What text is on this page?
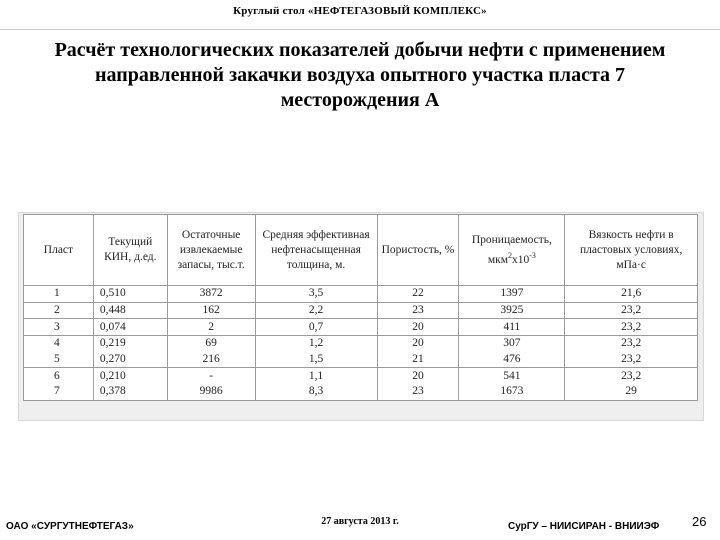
Круглый стол «НЕФТЕГАЗОВЫЙ КОМПЛЕКС»
Расчёт технологических показателей добычи нефти с применением
направленной закачки воздуха опытного участка пласта 7
месторождения А
Пласт	Текущий КИН, д.ед.	Остаточные извлекаемые запасы, тыс.т.	Средняя эффективная нефтенасыщенная толщина, м.	Пористость, %	Проницаемость, $мкм^2х10^{-3}$	Вязкость нефти в пластовых условиях, мПа·с
1	0,510	3872	3,5	22	1397	21,6
2	0,448	162	2,2	23	3925	23,2
3	0,074	2	0,7	20	411	23,2
4	0,219	69	1,2	20	307	23,2
5	0,270	216	1,5	21	476	23,2
6	0,210	-	1,1	20	541	23,2
7	0,378	9986	8,3	23	1673	29
ОАО «СУРГУТНЕФТЕГАЗ»	27 августа 2013 г.	СурГУ – НИИСИРАН - ВНИИЭФ	26
